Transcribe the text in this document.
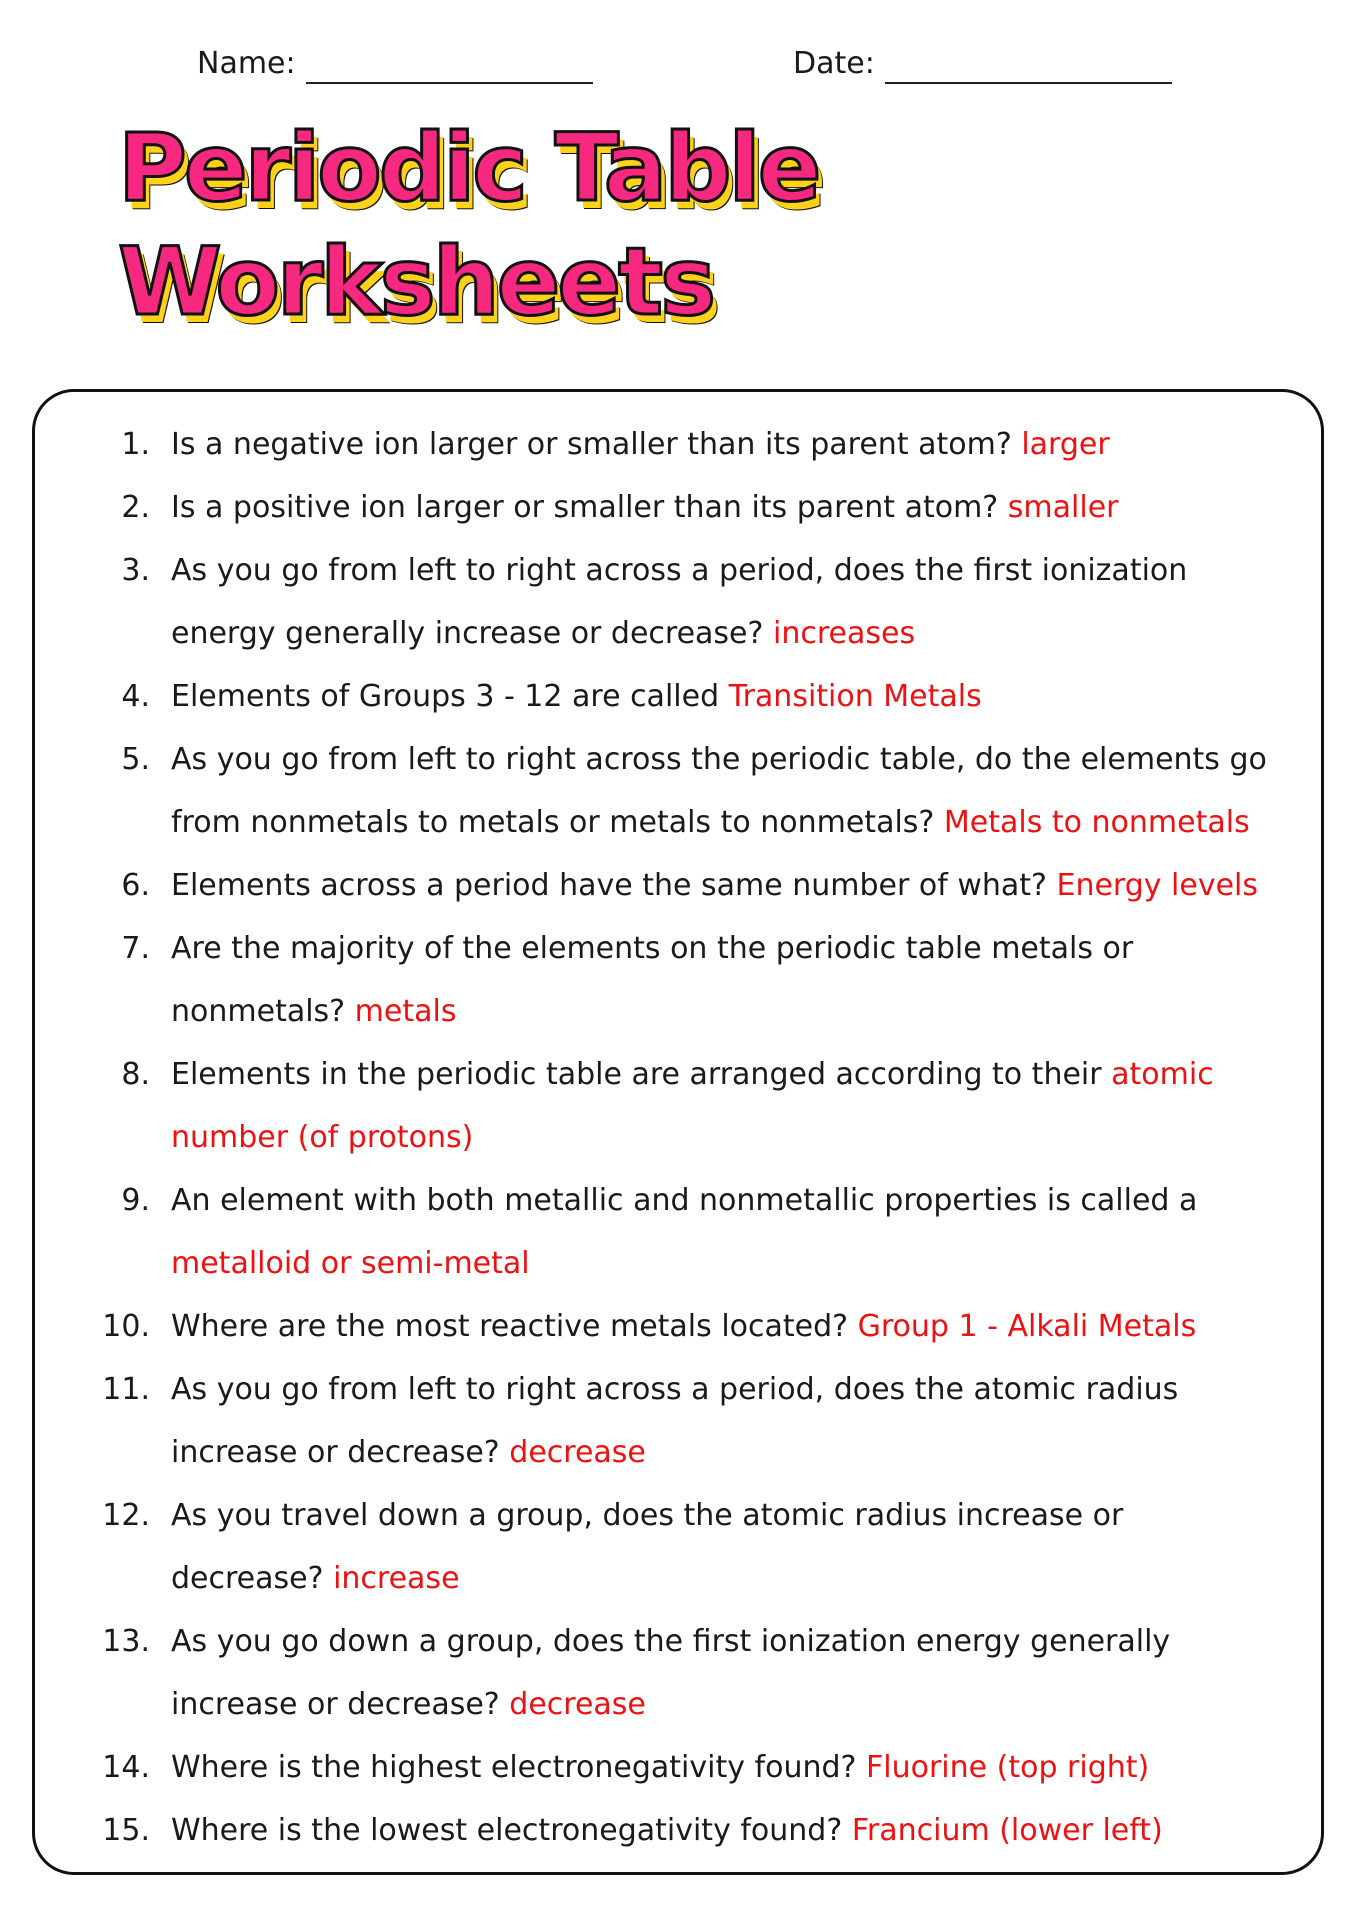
Name:	Date:
Periodic Table
Worksheets
1. Is a negative ion larger or smaller than its parent atom? larger
2. Is a positive ion larger or smaller than its parent atom? smaller
3. As you go from left to right across a period, does the first ionization energy generally increase or decrease? increases
4. Elements of Groups 3 - 12 are called Transition Metals
5. As you go from left to right across the periodic table, do the elements go from nonmetals to metals or metals to nonmetals? Metals to nonmetals
6. Elements across a period have the same number of what? Energy levels
7. Are the majority of the elements on the periodic table metals or nonmetals? metals
8. Elements in the periodic table are arranged according to their atomic number (of protons)
9. An element with both metallic and nonmetallic properties is called a metalloid or semi-metal
10. Where are the most reactive metals located? Group 1 - Alkali Metals
11. As you go from left to right across a period, does the atomic radius increase or decrease? decrease
12. As you travel down a group, does the atomic radius increase or decrease? increase
13. As you go down a group, does the first ionization energy generally increase or decrease? decrease
14. Where is the highest electronegativity found? Fluorine (top right)
15. Where is the lowest electronegativity found? Francium (lower left)
